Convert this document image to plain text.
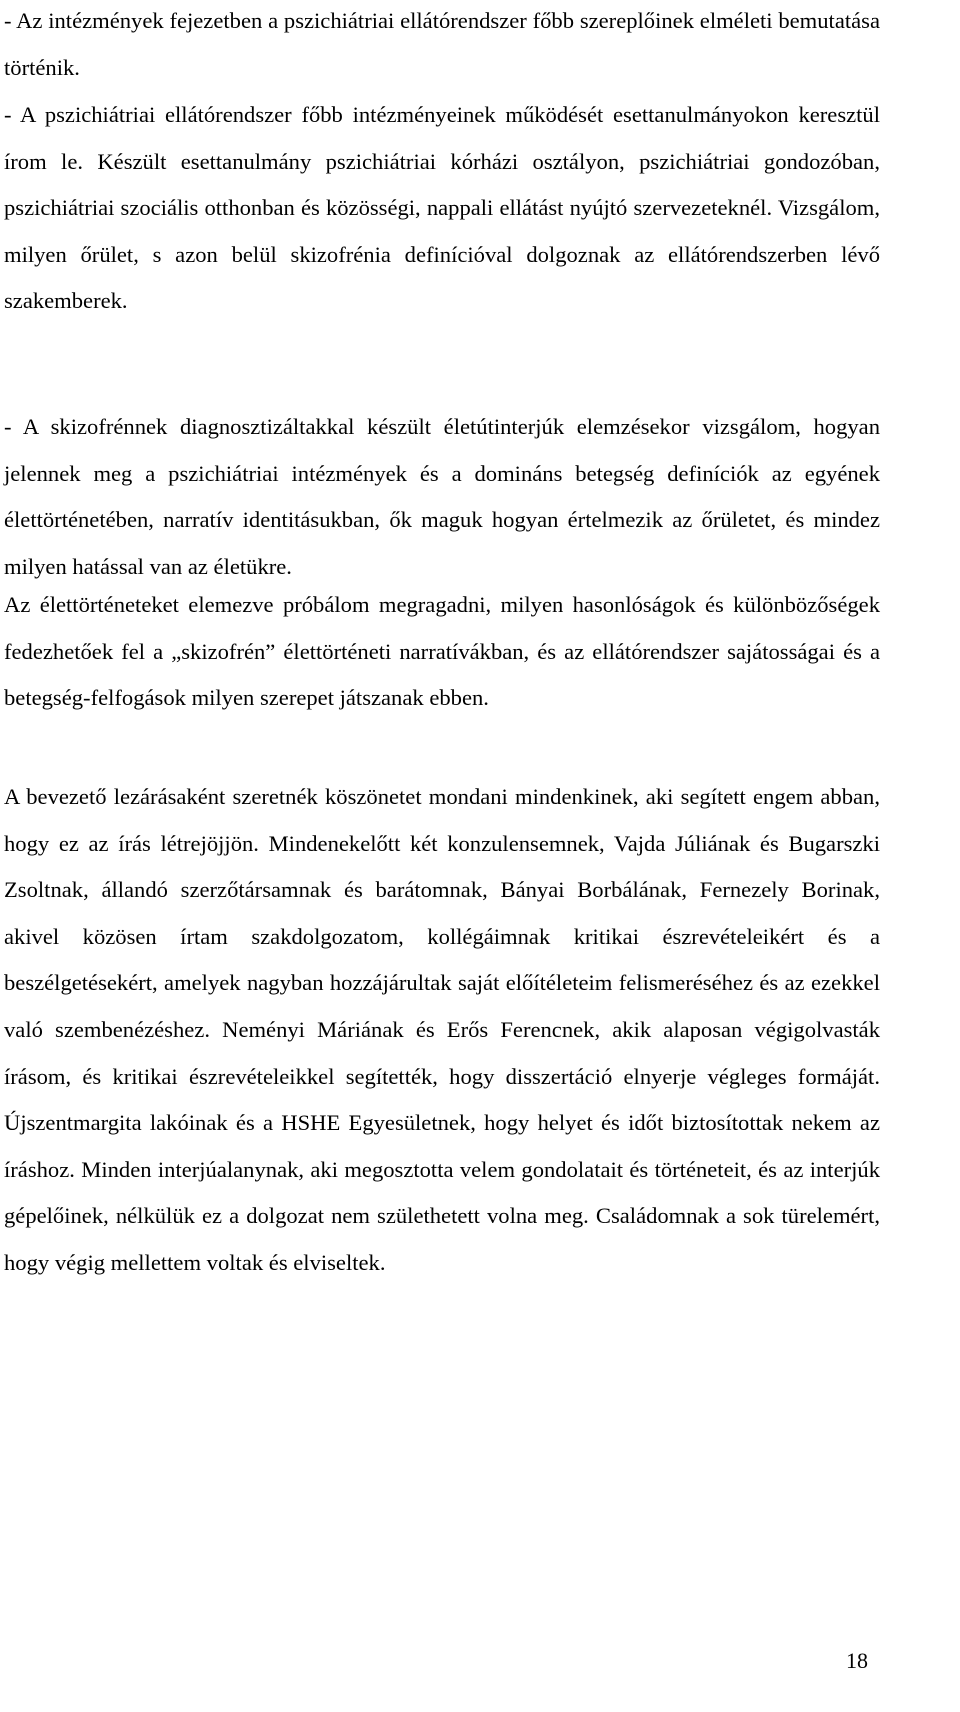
- Az intézmények fejezetben a pszichiátriai ellátórendszer főbb szereplőinek elméleti bemutatása történik.

- A pszichiátriai ellátórendszer főbb intézményeinek működését esettanulmányokon keresztül írom le. Készült esettanulmány pszichiátriai kórházi osztályon, pszichiátriai gondozóban, pszichiátriai szociális otthonban és közösségi, nappali ellátást nyújtó szervezeteknél. Vizsgálom, milyen őrület, s azon belül skizofrénia definícióval dolgoznak az ellátórendszerben lévő szakemberek.

- A skizofrénnek diagnosztizáltakkal készült életútinterjúk elemzésekor vizsgálom, hogyan jelennek meg a pszichiátriai intézmények és a domináns betegség definíciók az egyének élettörténetében, narratív identitásukban, ők maguk hogyan értelmezik az őrületet, és mindez milyen hatással van az életükre.

Az élettörténeteket elemezve próbálom megragadni, milyen hasonlóságok és különbözőségek fedezhetőek fel a „skizofrén” élettörténeti narratívákban, és az ellátórendszer sajátosságai és a betegség-felfogások milyen szerepet játszanak ebben.

A bevezető lezárásaként szeretnék köszönetet mondani mindenkinek, aki segített engem abban, hogy ez az írás létrejöjjön. Mindenekelőtt két konzulensemnek, Vajda Júliának és Bugarszki Zsoltnak, állandó szerzőtársamnak és barátomnak, Bányai Borbálának, Fernezely Borinak, akivel közösen írtam szakdolgozatom, kollégáimnak kritikai észrevételeikért és a beszélgetésekért, amelyek nagyban hozzájárultak saját előítéleteim felismeréséhez és az ezekkel való szembenézéshez. Neményi Máriának és Erős Ferencnek, akik alaposan végigolvasták írásom, és kritikai észrevételeikkel segítették, hogy disszertáció elnyerje végleges formáját. Újszentmargita lakóinak és a HSHE Egyesületnek, hogy helyet és időt biztosítottak nekem az íráshoz. Minden interjúalanynak, aki megosztotta velem gondolatait és történeteit, és az interjúk gépelőinek, nélkülük ez a dolgozat nem születhetett volna meg. Családomnak a sok türelemért, hogy végig mellettem voltak és elviseltek.

18
